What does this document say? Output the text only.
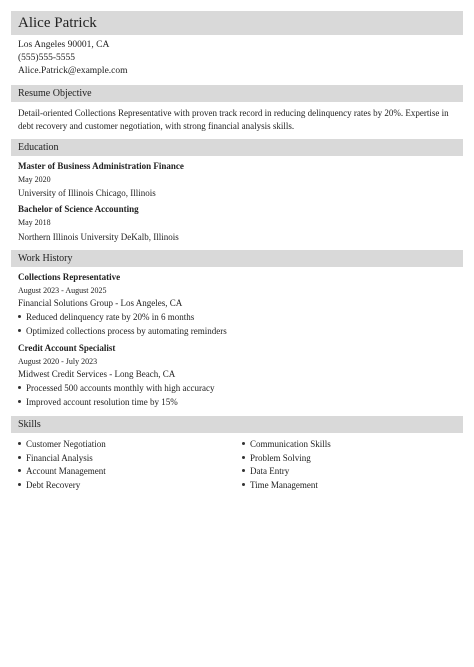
Alice Patrick
Los Angeles 90001, CA
(555)555-5555
Alice.Patrick@example.com
Resume Objective
Detail-oriented Collections Representative with proven track record in reducing delinquency rates by 20%. Expertise in debt recovery and customer negotiation, with strong financial analysis skills.
Education
Master of Business Administration Finance
May 2020
University of Illinois Chicago, Illinois
Bachelor of Science Accounting
May 2018
Northern Illinois University DeKalb, Illinois
Work History
Collections Representative
August 2023 - August 2025
Financial Solutions Group - Los Angeles, CA
Reduced delinquency rate by 20% in 6 months
Optimized collections process by automating reminders
Credit Account Specialist
August 2020 - July 2023
Midwest Credit Services - Long Beach, CA
Processed 500 accounts monthly with high accuracy
Improved account resolution time by 15%
Skills
Customer Negotiation
Financial Analysis
Account Management
Debt Recovery
Communication Skills
Problem Solving
Data Entry
Time Management
